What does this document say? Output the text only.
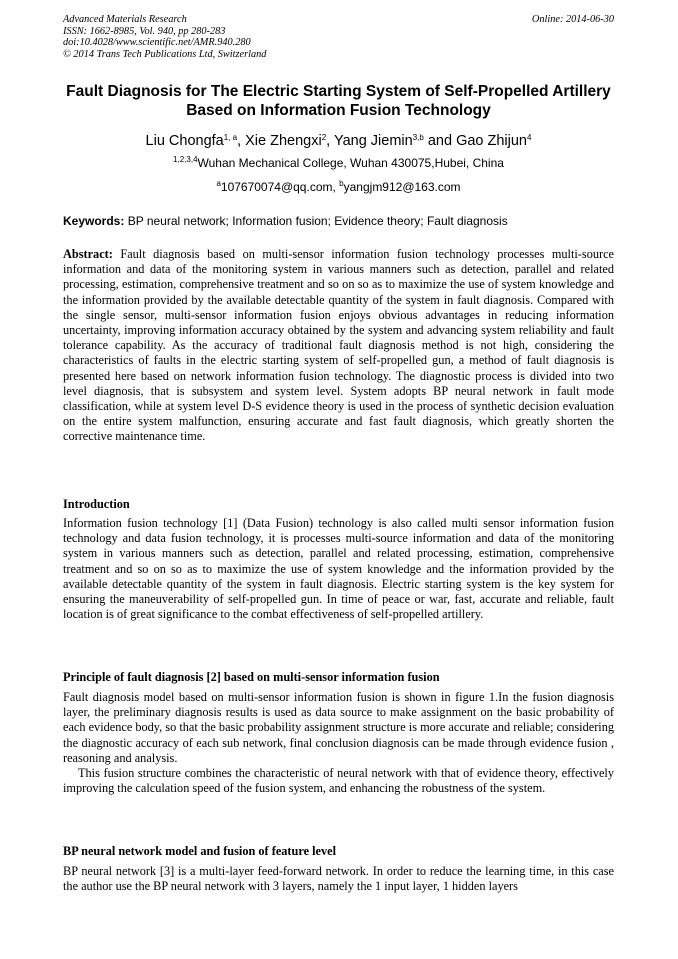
Advanced Materials Research
ISSN: 1662-8985, Vol. 940, pp 280-283
doi:10.4028/www.scientific.net/AMR.940.280
© 2014 Trans Tech Publications Ltd, Switzerland
Online: 2014-06-30
Fault Diagnosis for The Electric Starting System of Self-Propelled Artillery Based on Information Fusion Technology
Liu Chongfa$^{1, a}$, Xie Zhengxi$^2$, Yang Jiemin$^{3,b}$ and Gao Zhijun$^4$
$^{1,2,3,4}$Wuhan Mechanical College, Wuhan 430075,Hubei, China
$^a$107670074@qq.com, $^b$yangjm912@163.com
Keywords: BP neural network; Information fusion; Evidence theory; Fault diagnosis

Abstract: Fault diagnosis based on multi-sensor information fusion technology processes multi-source information and data of the monitoring system in various manners such as detection, parallel and related processing, estimation, comprehensive treatment and so on so as to maximize the use of system knowledge and the information provided by the available detectable quantity of the system in fault diagnosis. Compared with the single sensor, multi-sensor information fusion enjoys obvious advantages in reducing information uncertainty, improving information accuracy obtained by the system and advancing system reliability and fault tolerance capability. As the accuracy of traditional fault diagnosis method is not high, considering the characteristics of faults in the electric starting system of self-propelled gun, a method of fault diagnosis is presented here based on network information fusion technology. The diagnostic process is divided into two level diagnosis, that is subsystem and system level. System adopts BP neural network in fault mode classification, while at system level D-S evidence theory is used in the process of synthetic decision evaluation on the entire system malfunction, ensuring accurate and fast fault diagnosis, which greatly shorten the corrective maintenance time.

Introduction

Information fusion technology [1] (Data Fusion) technology is also called multi sensor information fusion technology and data fusion technology, it is processes multi-source information and data of the monitoring system in various manners such as detection, parallel and related processing, estimation, comprehensive treatment and so on so as to maximize the use of system knowledge and the information provided by the available detectable quantity of the system in fault diagnosis. Electric starting system is the key system for ensuring the maneuverability of self-propelled gun. In time of peace or war, fast, accurate and reliable, fault location is of great significance to the combat effectiveness of self-propelled artillery.

Principle of fault diagnosis [2] based on multi-sensor information fusion

Fault diagnosis model based on multi-sensor information fusion is shown in figure 1.In the fusion diagnosis layer, the preliminary diagnosis results is used as data source to make assignment on the basic probability of each evidence body, so that the basic probability assignment structure is more accurate and reliable; considering the diagnostic accuracy of each sub network, final conclusion diagnosis can be made through evidence fusion , reasoning and analysis.

This fusion structure combines the characteristic of neural network with that of evidence theory, effectively improving the calculation speed of the fusion system, and enhancing the robustness of the system.

BP neural network model and fusion of feature level

BP neural network [3] is a multi-layer feed-forward network. In order to reduce the learning time, in this case the author use the BP neural network with 3 layers, namely the 1 input layer, 1 hidden layers
